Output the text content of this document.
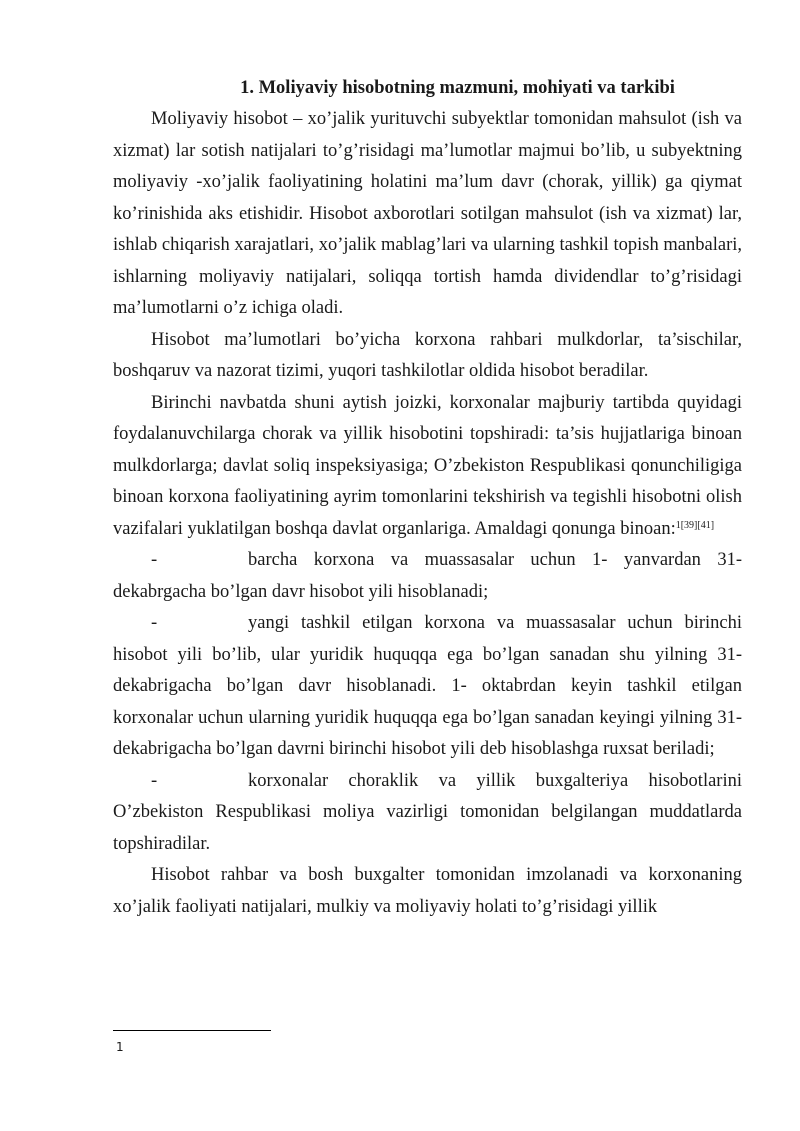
1. Moliyaviy hisobotning mazmuni, mohiyati va tarkibi

Moliyaviy hisobot – xo’jalik yurituvchi subyektlar tomonidan mahsulot (ish va xizmat) lar sotish natijalari to’g’risidagi ma’lumotlar majmui bo’lib, u subyektning moliyaviy -xo’jalik faoliyatining holatini ma’lum davr (chorak, yillik) ga qiymat ko’rinishida aks etishidir. Hisobot axborotlari sotilgan mahsulot (ish va xizmat) lar, ishlab chiqarish xarajatlari, xo’jalik mablag’lari va ularning tashkil topish manbalari, ishlarning moliyaviy natijalari, soliqqa tortish hamda dividendlar to’g’risidagi ma’lumotlarni o’z ichiga oladi.

Hisobot ma’lumotlari bo’yicha korxona rahbari mulkdorlar, ta’sischilar, boshqaruv va nazorat tizimi, yuqori tashkilotlar oldida hisobot beradilar.

Birinchi navbatda shuni aytish joizki, korxonalar majburiy tartibda quyidagi foydalanuvchilarga chorak va yillik hisobotini topshiradi: ta’sis hujjatlariga binoan mulkdorlarga; davlat soliq inspeksiyasiga; O’zbekiston Respublikasi qonunchiligiga binoan korxona faoliyatining ayrim tomonlarini tekshirish va tegishli hisobotni olish vazifalari yuklatilgan boshqa davlat organlariga. Amaldagi qonunga binoan:$^{1[39][41]}$

-	barcha korxona va muassasalar uchun 1- yanvardan 31- dekabrgacha bo’lgan davr hisobot yili hisoblanadi;

-	yangi tashkil etilgan korxona va muassasalar uchun birinchi hisobot yili bo’lib, ular yuridik huquqqa ega bo’lgan sanadan shu yilning 31- dekabrigacha bo’lgan davr hisoblanadi. 1- oktabrdan keyin tashkil etilgan korxonalar uchun ularning yuridik huquqqa ega bo’lgan sanadan keyingi yilning 31- dekabrigacha bo’lgan davrni birinchi hisobot yili deb hisoblashga ruxsat beriladi;

-	korxonalar choraklik va yillik buxgalteriya hisobotlarini O’zbekiston Respublikasi moliya vazirligi tomonidan belgilangan muddatlarda topshiradilar.

Hisobot rahbar va bosh buxgalter tomonidan imzolanadi va korxonaning xo’jalik faoliyati natijalari, mulkiy va moliyaviy holati to’g’risidagi yillik

1
